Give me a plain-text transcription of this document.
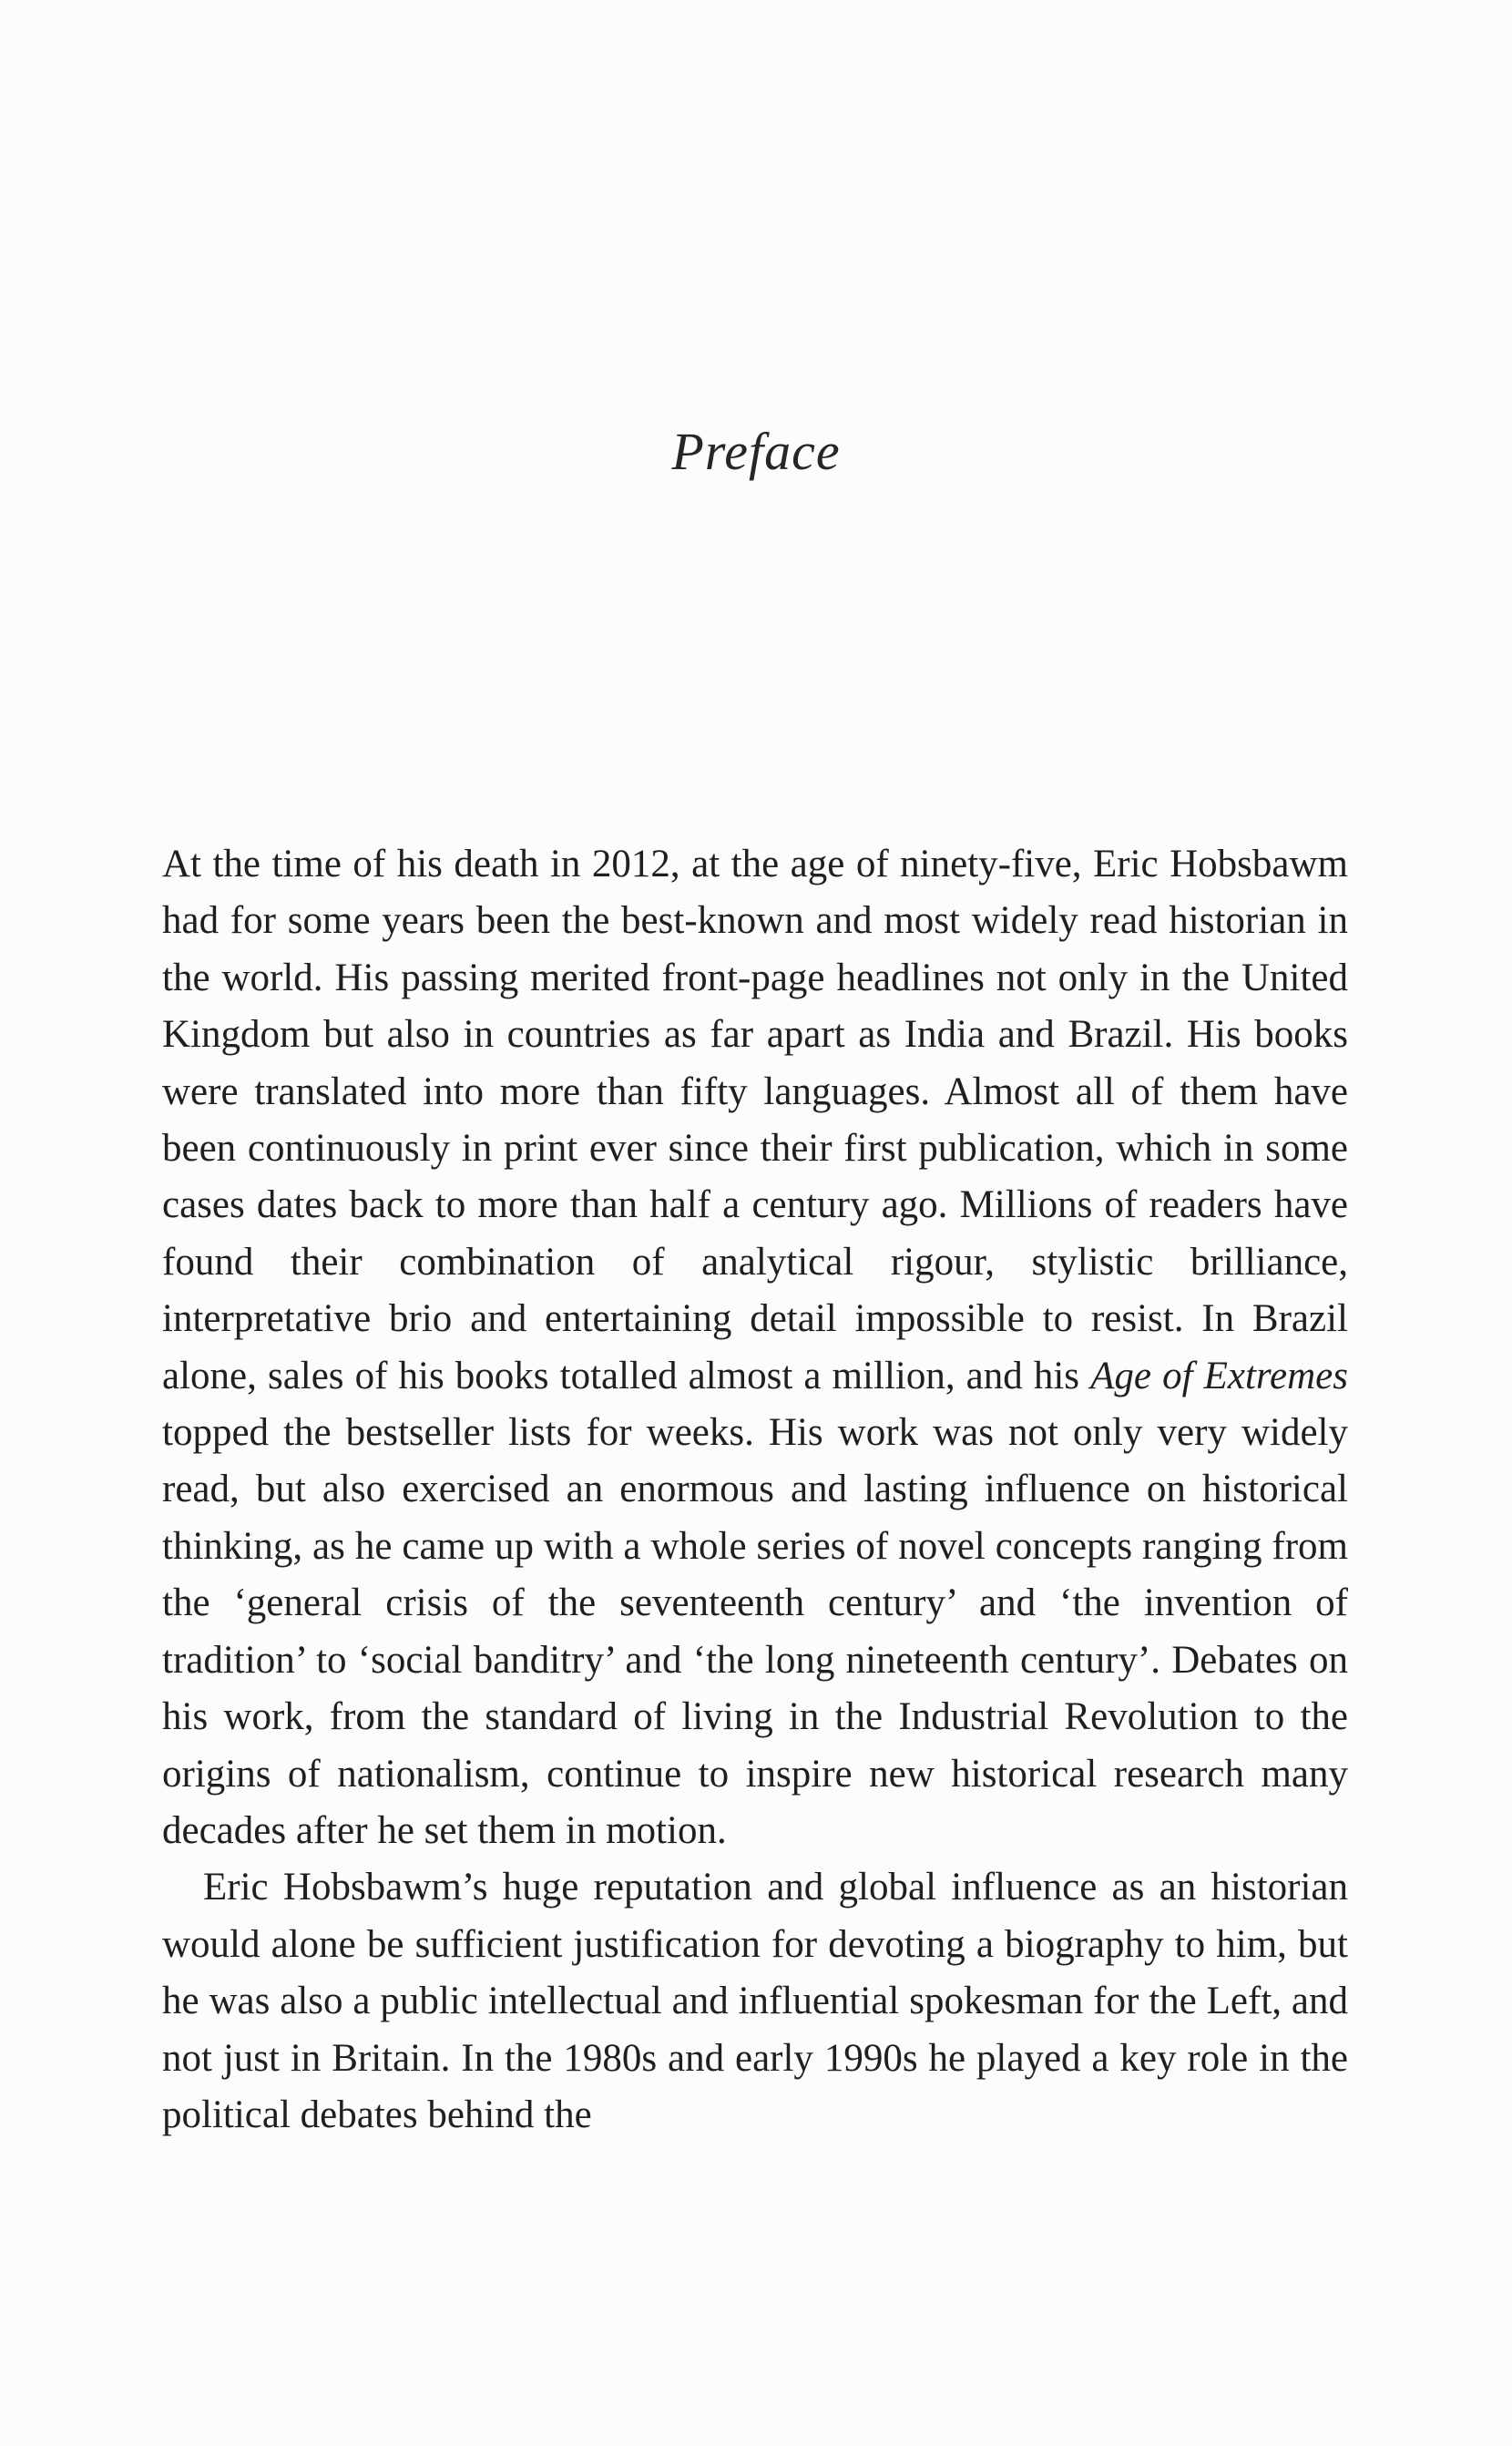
Preface

At the time of his death in 2012, at the age of ninety-five, Eric Hobsbawm had for some years been the best-known and most widely read historian in the world. His passing merited front-page headlines not only in the United Kingdom but also in countries as far apart as India and Brazil. His books were translated into more than fifty languages. Almost all of them have been continuously in print ever since their first publication, which in some cases dates back to more than half a century ago. Millions of readers have found their combination of analytical rigour, stylistic brilliance, interpretative brio and entertaining detail impossible to resist. In Brazil alone, sales of his books totalled almost a million, and his Age of Extremes topped the bestseller lists for weeks. His work was not only very widely read, but also exercised an enormous and lasting influence on historical thinking, as he came up with a whole series of novel concepts ranging from the ‘general crisis of the seventeenth century’ and ‘the invention of tradition’ to ‘social banditry’ and ‘the long nineteenth century’. Debates on his work, from the standard of living in the Industrial Revolution to the origins of nationalism, continue to inspire new historical research many decades after he set them in motion.

Eric Hobsbawm’s huge reputation and global influence as an historian would alone be sufficient justification for devoting a biography to him, but he was also a public intellectual and influential spokesman for the Left, and not just in Britain. In the 1980s and early 1990s he played a key role in the political debates behind the
